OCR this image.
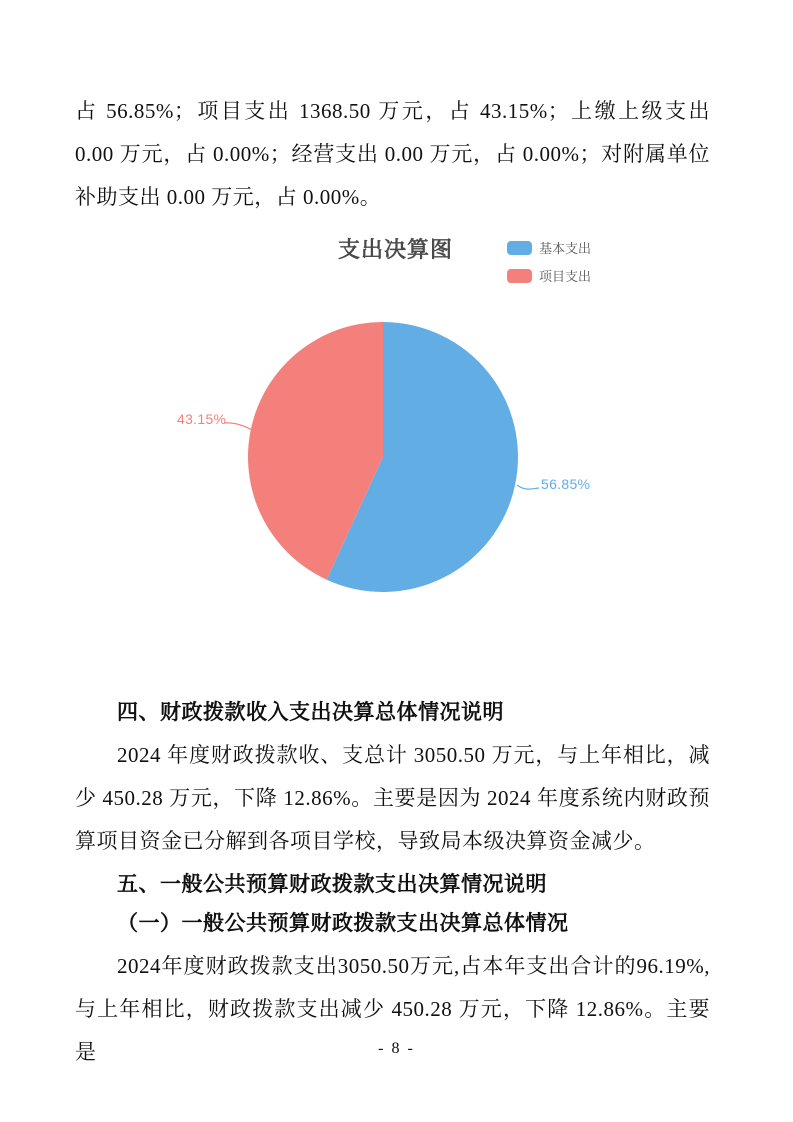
占 56.85%；项目支出 1368.50 万元，占 43.15%；上缴上级支出 0.00 万元，占 0.00%；经营支出 0.00 万元，占 0.00%；对附属单位补助支出 0.00 万元，占 0.00%。

支出决算图	基本支出
项目支出
43.15%
56.85%
四、财政拨款收入支出决算总体情况说明

2024 年度财政拨款收、支总计 3050.50 万元，与上年相比，减少 450.28 万元，下降 12.86%。主要是因为 2024 年度系统内财政预算项目资金已分解到各项目学校，导致局本级决算资金减少。

五、一般公共预算财政拨款支出决算情况说明
（一）一般公共预算财政拨款支出决算总体情况

2024年度财政拨款支出3050.50万元,占本年支出合计的96.19%,与上年相比，财政拨款支出减少 450.28 万元，下降 12.86%。主要是	- 8 -
